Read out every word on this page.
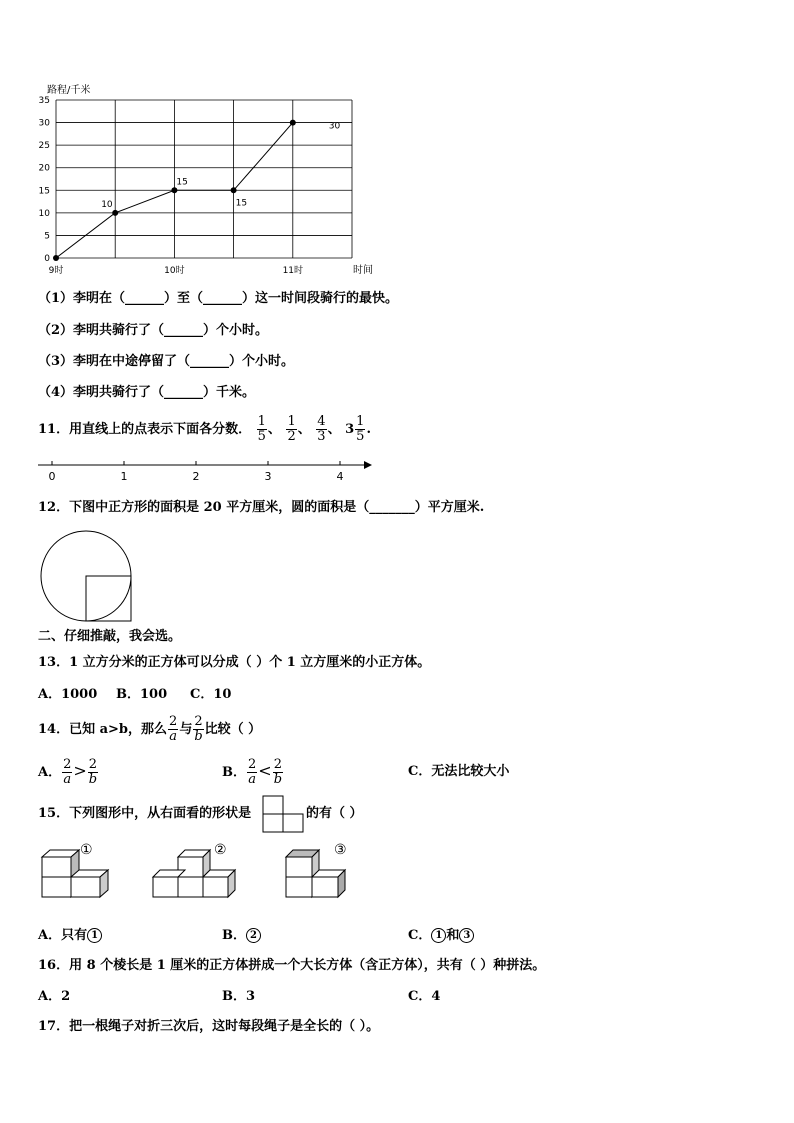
路程/千米
0
5
10
15
20
25
30
35
9时	10时	11时
10
15
15
30
时间
（1）李明在（______）至（______）这一时间段骑行的最快。
（2）李明共骑行了（______）个小时。
（3）李明在中途停留了（______）个小时。
（4）李明共骑行了（______）千米。
11．用直线上的点表示下面各分数． $\frac{1}{5}$ 、 $\frac{1}{2}$ 、 $\frac{4}{3}$ 、 $3 \frac{1}{5}$ .
0	1	2	3	4
12．下图中正方形的面积是 20 平方厘米，圆的面积是（_______）平方厘米.
二、仔细推敲，我会选。
13．1 立方分米的正方体可以分成（ ）个 1 立方厘米的小正方体。
A．1000 B．100 C．10
14．已知 a>b，那么 $\frac{2}{a}$ 与 $\frac{2}{b}$ 比较（ ）
A． $\frac{2}{a} > \frac{2}{b}$	B． $\frac{2}{a} < \frac{2}{b}$	C．无法比较大小
15．下列图形中，从右面看的形状是	的有（ ）
①	②	③
A．只有 1	B． 2	C． 1 和 3
16．用 8 个棱长是 1 厘米的正方体拼成一个大长方体（含正方体），共有（ ）种拼法。
A．2	B．3	C．4
17．把一根绳子对折三次后，这时每段绳子是全长的（ ）。
